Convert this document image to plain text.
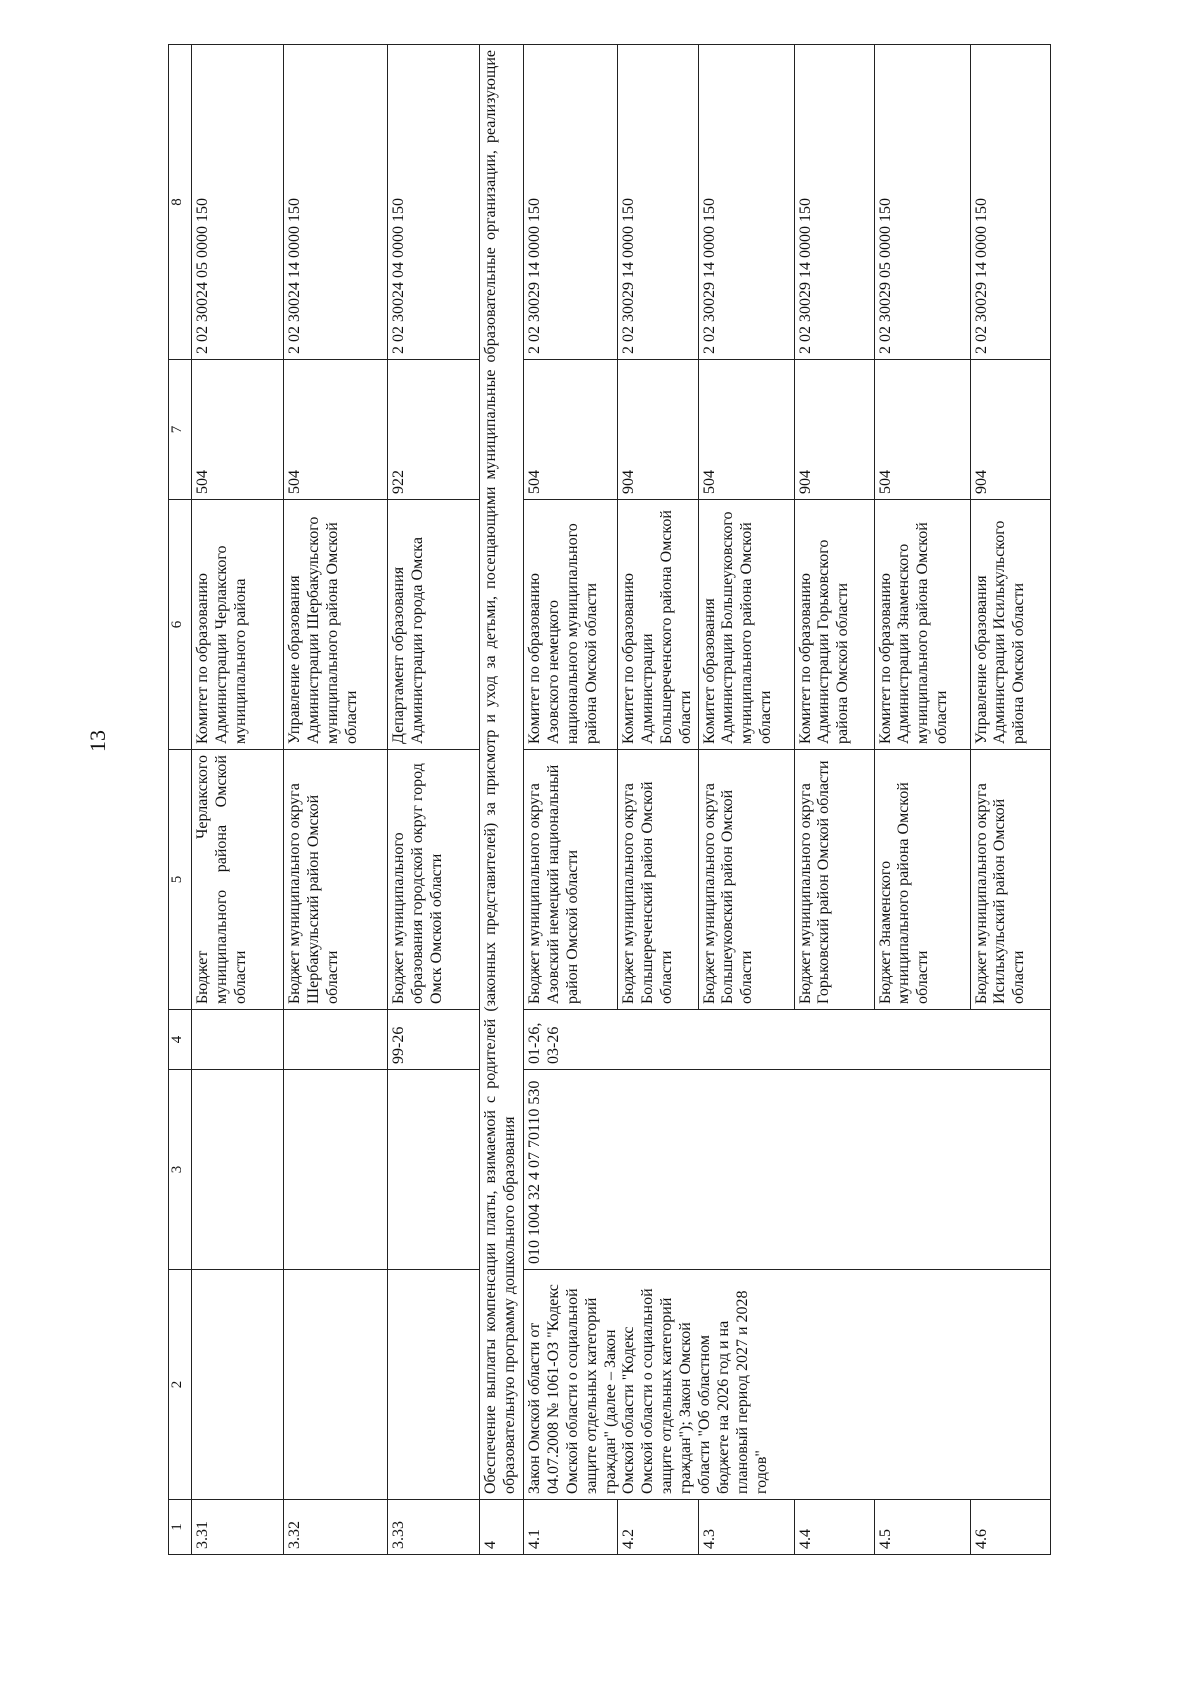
13
1	2	3	4	5	6	7	8
3.31				Бюджет Черлакского муниципального района Омской области	Комитет по образованию Администрации Черлакского муниципального района	504	2 02 30024 05 0000 150
3.32				Бюджет муниципального округа Шербакульский район Омской области	Управление образования Администрации Шербакульского муниципального района Омской области	504	2 02 30024 14 0000 150
3.33			99-26	Бюджет муниципального образования городской округ город Омск Омской области	Департамент образования Администрации города Омска	922	2 02 30024 04 0000 150
4	Обеспечение выплаты компенсации платы, взимаемой с родителей (законных представителей) за присмотр и уход за детьми, посещающими муниципальные образовательные организации, реализующие образовательную программу дошкольного образования						
4.1	Закон Омской области от 04.07.2008 № 1061-ОЗ "Кодекс Омской области о социальной защите отдельных категорий граждан" (далее – Закон Омской области "Кодекс Омской области о социальной защите отдельных категорий граждан"); Закон Омской области "Об областном бюджете на 2026 год и на плановый период 2027 и 2028 годов"	010 1004 32 4 07 70110 530	01-26, 03-26	Бюджет муниципального округа Азовский немецкий национальный район Омской области	Комитет по образованию Азовского немецкого национального муниципального района Омской области	504	2 02 30029 14 0000 150
4.2				Бюджет муниципального округа Большереченский район Омской области	Комитет по образованию Администрации Большереченского района Омской области	904	2 02 30029 14 0000 150
4.3				Бюджет муниципального округа Большеуковский район Омской области	Комитет образования Администрации Большеуковского муниципального района Омской области	504	2 02 30029 14 0000 150
4.4				Бюджет муниципального округа Горьковский район Омской области	Комитет по образованию Администрации Горьковского района Омской области	904	2 02 30029 14 0000 150
4.5				Бюджет Знаменского муниципального района Омской области	Комитет по образованию Администрации Знаменского муниципального района Омской области	504	2 02 30029 05 0000 150
4.6				Бюджет муниципального округа Исилькульский район Омской области	Управление образования Администрации Исилькульского района Омской области	904	2 02 30029 14 0000 150
